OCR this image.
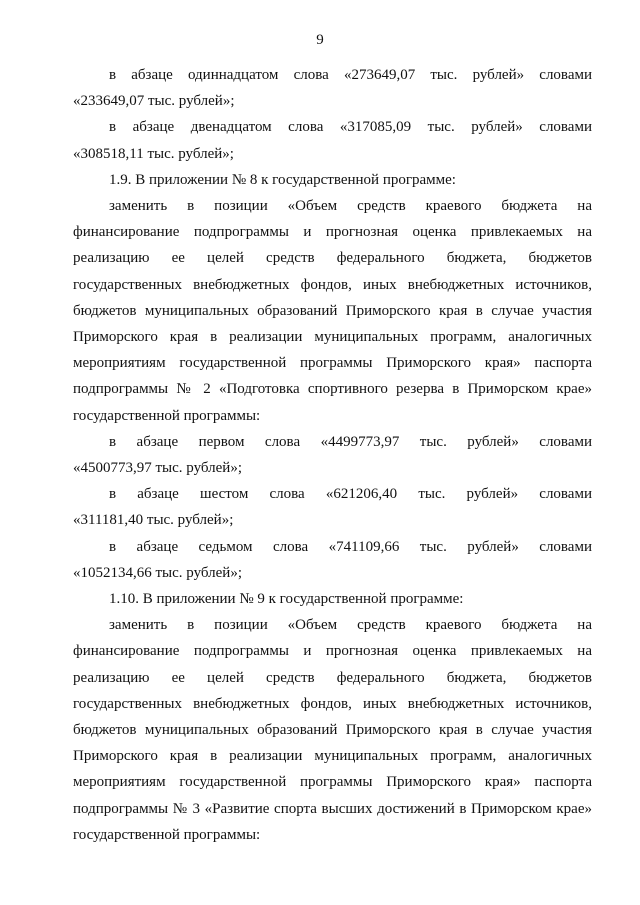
9

в абзаце одиннадцатом слова «273649,07 тыс. рублей» словами

«233649,07 тыс. рублей»;

в абзаце двенадцатом слова «317085,09 тыс. рублей» словами

«308518,11 тыс. рублей»;

1.9. В приложении № 8 к государственной программе:

заменить в позиции «Объем средств краевого бюджета на

финансирование подпрограммы и прогнозная оценка привлекаемых на

реализацию ее целей средств федерального бюджета, бюджетов

государственных внебюджетных фондов, иных внебюджетных источников,

бюджетов муниципальных образований Приморского края в случае участия

Приморского края в реализации муниципальных программ, аналогичных

мероприятиям государственной программы Приморского края» паспорта

подпрограммы № 2 «Подготовка спортивного резерва в Приморском крае»

государственной программы:

в абзаце первом слова «4499773,97 тыс. рублей» словами

«4500773,97 тыс. рублей»;

в абзаце шестом слова «621206,40 тыс. рублей» словами

«311181,40 тыс. рублей»;

в абзаце седьмом слова «741109,66 тыс. рублей» словами

«1052134,66 тыс. рублей»;

1.10. В приложении № 9 к государственной программе:

заменить в позиции «Объем средств краевого бюджета на

финансирование подпрограммы и прогнозная оценка привлекаемых на

реализацию ее целей средств федерального бюджета, бюджетов

государственных внебюджетных фондов, иных внебюджетных источников,

бюджетов муниципальных образований Приморского края в случае участия

Приморского края в реализации муниципальных программ, аналогичных

мероприятиям государственной программы Приморского края» паспорта

подпрограммы № 3 «Развитие спорта высших достижений в Приморском крае»

государственной программы:
